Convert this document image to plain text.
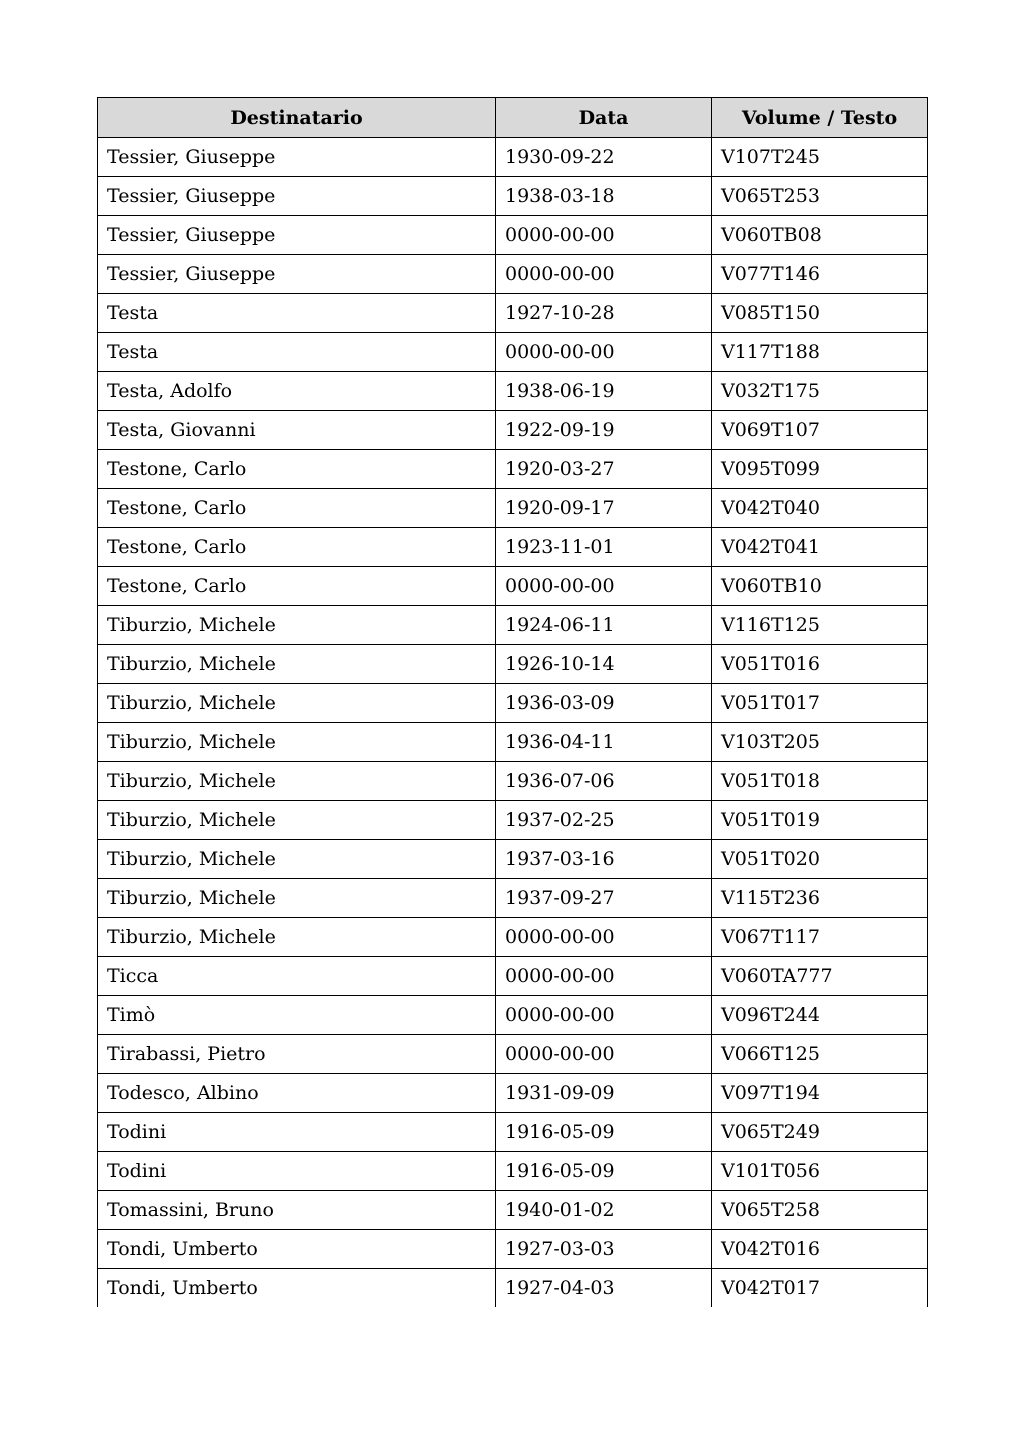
Destinatario	Data	Volume / Testo
Tessier, Giuseppe	1930-09-22	V107T245
Tessier, Giuseppe	1938-03-18	V065T253
Tessier, Giuseppe	0000-00-00	V060TB08
Tessier, Giuseppe	0000-00-00	V077T146
Testa	1927-10-28	V085T150
Testa	0000-00-00	V117T188
Testa, Adolfo	1938-06-19	V032T175
Testa, Giovanni	1922-09-19	V069T107
Testone, Carlo	1920-03-27	V095T099
Testone, Carlo	1920-09-17	V042T040
Testone, Carlo	1923-11-01	V042T041
Testone, Carlo	0000-00-00	V060TB10
Tiburzio, Michele	1924-06-11	V116T125
Tiburzio, Michele	1926-10-14	V051T016
Tiburzio, Michele	1936-03-09	V051T017
Tiburzio, Michele	1936-04-11	V103T205
Tiburzio, Michele	1936-07-06	V051T018
Tiburzio, Michele	1937-02-25	V051T019
Tiburzio, Michele	1937-03-16	V051T020
Tiburzio, Michele	1937-09-27	V115T236
Tiburzio, Michele	0000-00-00	V067T117
Ticca	0000-00-00	V060TA777
Timò	0000-00-00	V096T244
Tirabassi, Pietro	0000-00-00	V066T125
Todesco, Albino	1931-09-09	V097T194
Todini	1916-05-09	V065T249
Todini	1916-05-09	V101T056
Tomassini, Bruno	1940-01-02	V065T258
Tondi, Umberto	1927-03-03	V042T016
Tondi, Umberto	1927-04-03	V042T017
